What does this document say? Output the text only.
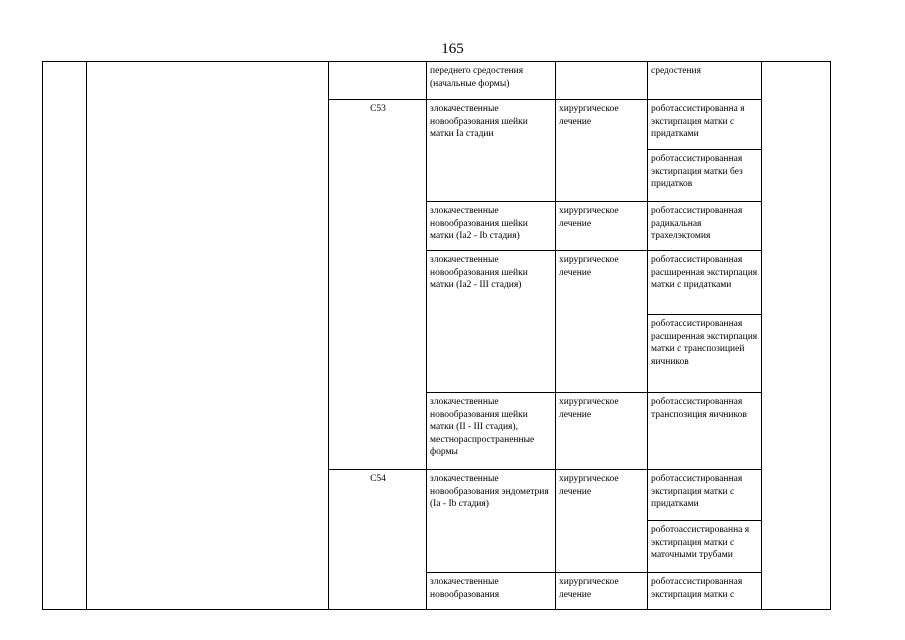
165
			переднего средостения (начальные формы)		средостения	
		C53	злокачественные новообразования шейки матки Ia стадии	хирургическое лечение	роботассистированна я экстирпация матки с придатками	
					роботассистированная экстирпация матки без придатков	
			злокачественные новообразования шейки матки (Ia2 - Ib стадия)	хирургическое лечение	роботассистированная радикальная трахелэктомия	
			злокачественные новообразования шейки матки (Ia2 - III стадия)	хирургическое лечение	роботассистированная расширенная экстирпация матки с придатками	
					роботассистированная расширенная экстирпация матки с транспозицией яичников	
			злокачественные новообразования шейки матки (II - III стадия), местнораспространенные формы	хирургическое лечение	роботассистированная транспозиция яичников	
		C54	злокачественные новообразования эндометрия (Ia - Ib стадия)	хирургическое лечение	роботассистированная экстирпация матки с придатками	
					роботоассистированна я экстирпация матки с маточными трубами	
			злокачественные новообразования	хирургическое лечение	роботассистированная экстирпация матки с	
